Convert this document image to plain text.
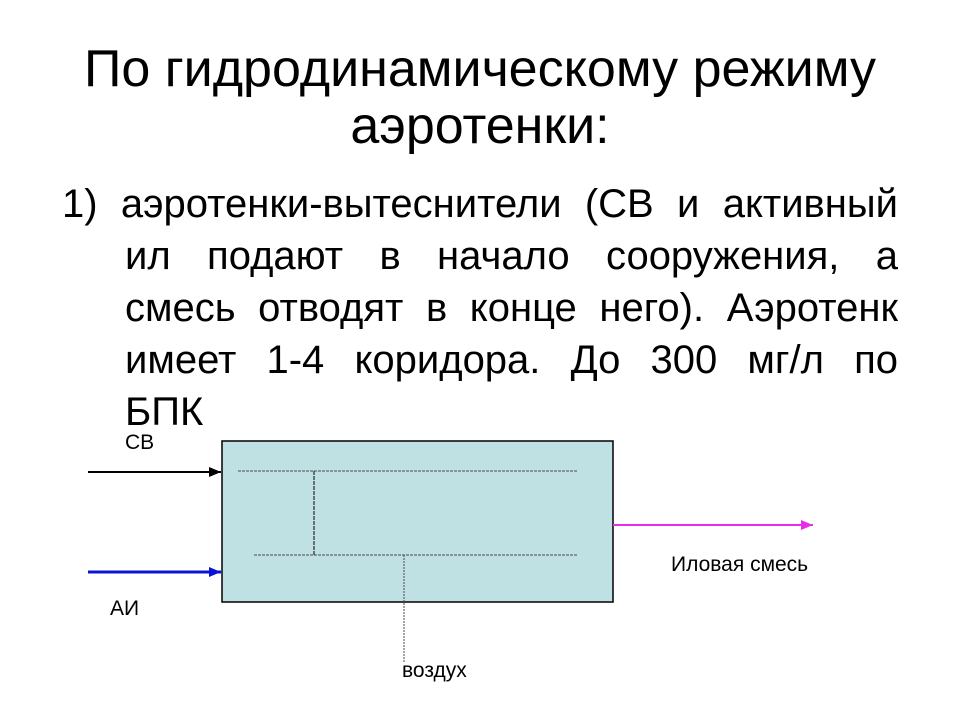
По гидродинамическому режиму
аэротенки:
1) аэротенки-вытеснители (СВ и активный
ил подают в начало сооружения, а
смесь отводят в конце него). Аэротенк
имеет 1-4 коридора. До 300 мг/л по
БПК
СВ
АИ
Иловая смесь
воздух
